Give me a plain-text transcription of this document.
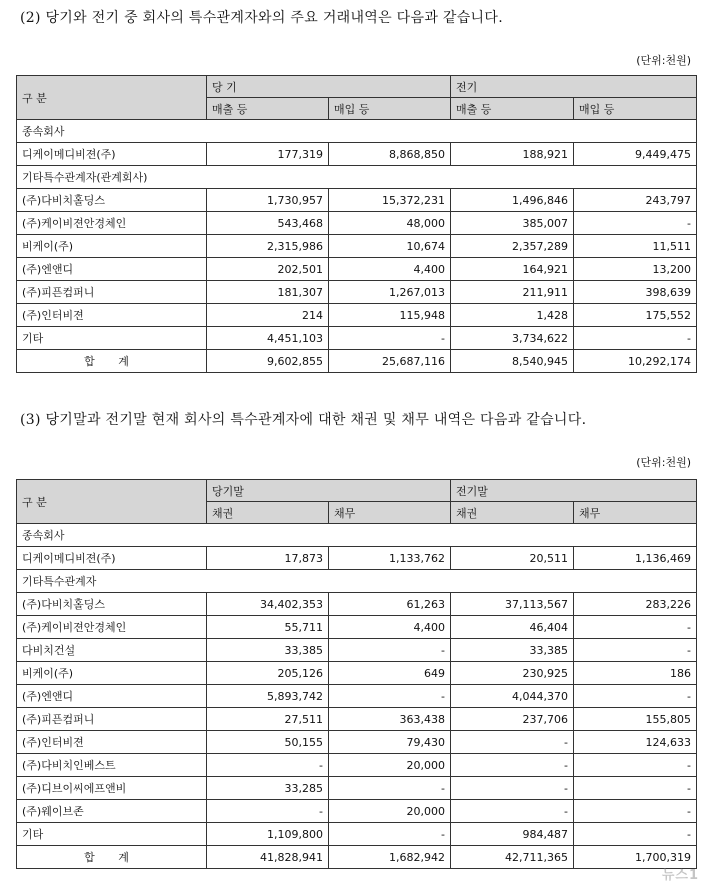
(2) 당기와 전기 중 회사의 특수관계자와의 주요 거래내역은 다음과 같습니다.
(단위:천원)
구 분	당 기		전기	
	매출 등	매입 등	매출 등	매입 등
종속회사				
디케이메디비젼(주)	177,319	8,868,850	188,921	9,449,475
기타특수관계자(관계회사)				
(주)다비치홀딩스	1,730,957	15,372,231	1,496,846	243,797
(주)케이비젼안경체인	543,468	48,000	385,007	-
비케이(주)	2,315,986	10,674	2,357,289	11,511
(주)엔앤디	202,501	4,400	164,921	13,200
(주)피픈컴퍼니	181,307	1,267,013	211,911	398,639
(주)인터비젼	214	115,948	1,428	175,552
기타	4,451,103	-	3,734,622	-
합 계	9,602,855	25,687,116	8,540,945	10,292,174
(3) 당기말과 전기말 현재 회사의 특수관계자에 대한 채권 및 채무 내역은 다음과 같습니다.
(단위:천원)
구 분	당기말		전기말	
	채권	채무	채권	채무
종속회사				
디케이메디비젼(주)	17,873	1,133,762	20,511	1,136,469
기타특수관계자				
(주)다비치홀딩스	34,402,353	61,263	37,113,567	283,226
(주)케이비젼안경체인	55,711	4,400	46,404	-
다비치건설	33,385	-	33,385	-
비케이(주)	205,126	649	230,925	186
(주)엔앤디	5,893,742	-	4,044,370	-
(주)피픈컴퍼니	27,511	363,438	237,706	155,805
(주)인터비젼	50,155	79,430	-	124,633
(주)다비치인베스트	-	20,000	-	-
(주)디브이씨에프앤비	33,285	-	-	-
(주)웨이브존	-	20,000	-	-
기타	1,109,800	-	984,487	-
합 계	41,828,941	1,682,942	42,711,365	1,700,319
뉴스1
